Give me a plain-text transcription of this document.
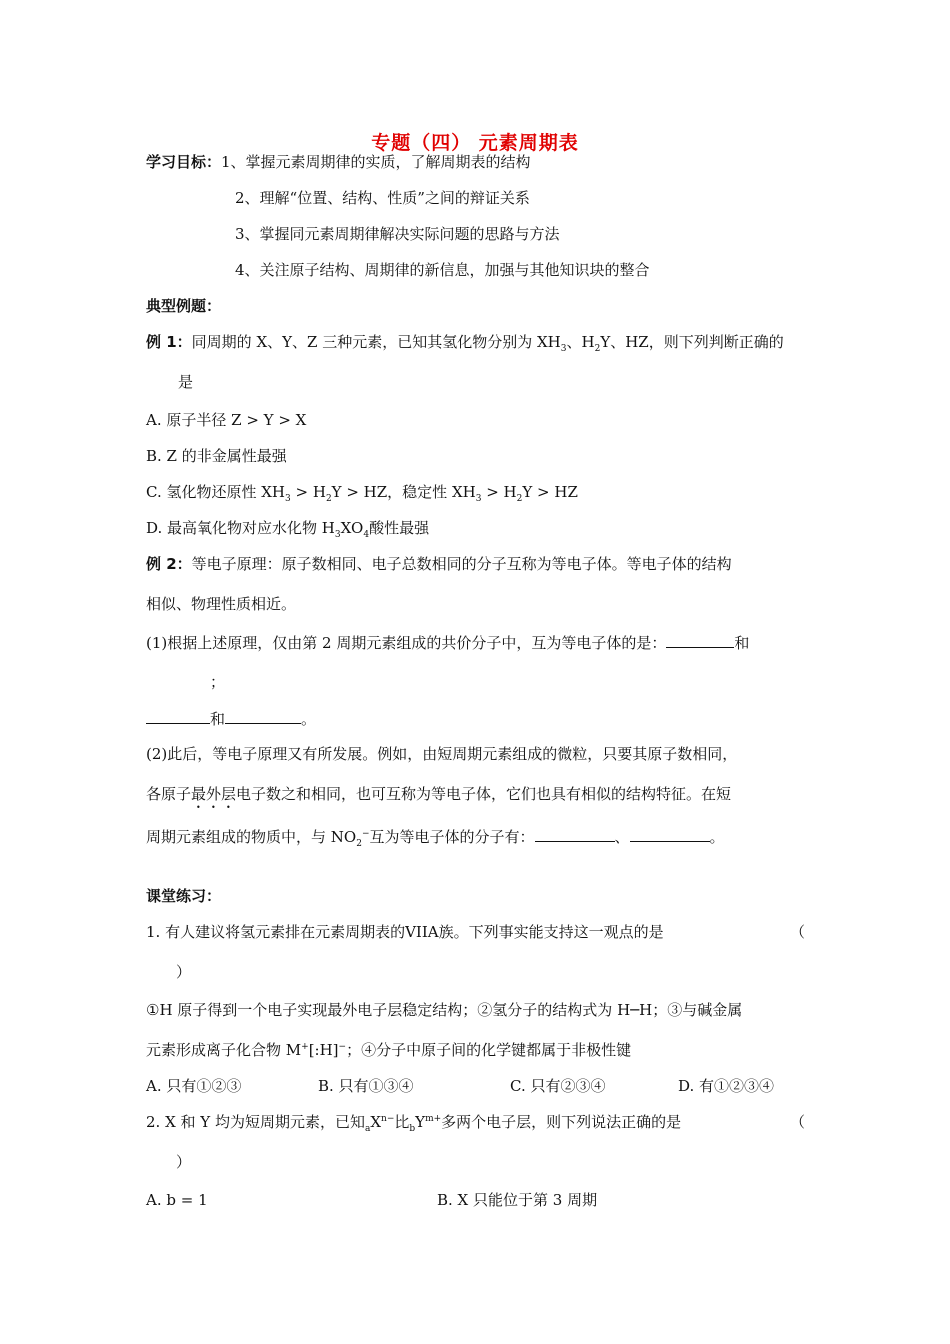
专题（四） 元素周期表
学习目标：1、掌握元素周期律的实质，了解周期表的结构
2、理解“位置、结构、性质”之间的辩证关系
3、掌握同元素周期律解决实际问题的思路与方法
4、关注原子结构、周期律的新信息，加强与其他知识块的整合
典型例题：
例 1：同周期的 X、Y、Z 三种元素，已知其氢化物分别为 $XH_3$、$H_2Y$、HZ，则下列判断正确的
是
A. 原子半径 Z > Y > X
B. Z 的非金属性最强
C. 氢化物还原性 $XH_3 > H_2Y$ > HZ，稳定性 $XH_3 > H_2Y$ > HZ
D. 最高氧化物对应水化物 $H_3XO_4$酸性最强
例 2：等电子原理：原子数相同、电子总数相同的分子互称为等电子体。等电子体的结构
相似、物理性质相近。
(1)根据上述原理，仅由第 2 周期元素组成的共价分子中，互为等电子体的是：	和
；
和	。
(2)此后，等电子原理又有所发展。例如，由短周期元素组成的微粒，只要其原子数相同，
各原子最外层电子数之和相同，也可互称为等电子体，它们也具有相似的结构特征。在短
周期元素组成的物质中，与 $NO_2^-$互为等电子体的分子有：	、	。
课堂练习：
1. 有人建议将氢元素排在元素周期表的VIIA族。下列事实能支持这一观点的是	（
）
①H 原子得到一个电子实现最外电子层稳定结构；②氢分子的结构式为 H─H；③与碱金属
元素形成离子化合物 M+[:H]−；④分子中原子间的化学键都属于非极性键
A. 只有①②③	B. 只有①③④	C. 只有②③④	D. 有①②③④
2. X 和 Y 均为短周期元素，已知$_aX^{n-}$比$_bY^{m+}$多两个电子层，则下列说法正确的是	（
）
A. b = 1	B. X 只能位于第 3 周期
